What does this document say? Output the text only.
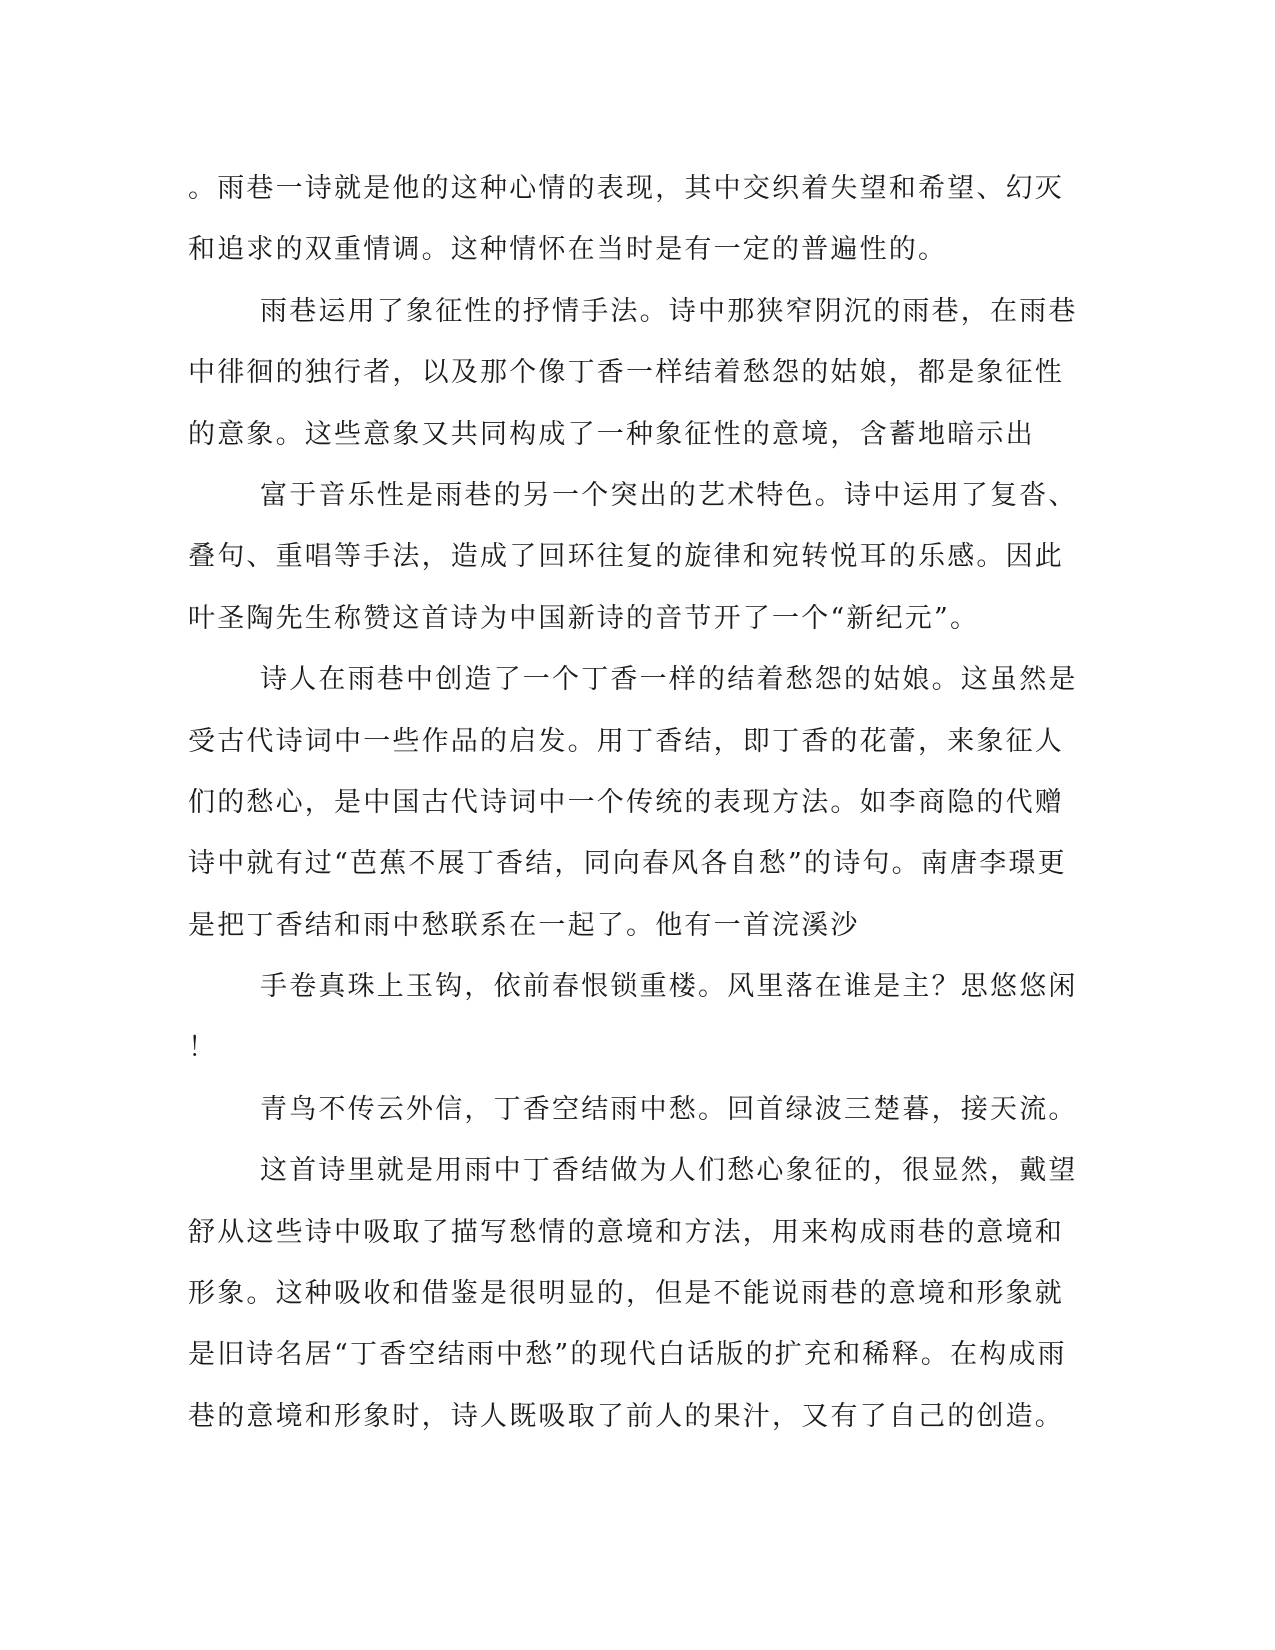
。雨巷一诗就是他的这种心情的表现，其中交织着失望和希望、幻灭
和追求的双重情调。这种情怀在当时是有一定的普遍性的。
雨巷运用了象征性的抒情手法。诗中那狭窄阴沉的雨巷，在雨巷
中徘徊的独行者，以及那个像丁香一样结着愁怨的姑娘，都是象征性
的意象。这些意象又共同构成了一种象征性的意境，含蓄地暗示出
富于音乐性是雨巷的另一个突出的艺术特色。诗中运用了复沓、
叠句、重唱等手法，造成了回环往复的旋律和宛转悦耳的乐感。因此
叶圣陶先生称赞这首诗为中国新诗的音节开了一个“新纪元”。
诗人在雨巷中创造了一个丁香一样的结着愁怨的姑娘。这虽然是
受古代诗词中一些作品的启发。用丁香结，即丁香的花蕾，来象征人
们的愁心，是中国古代诗词中一个传统的表现方法。如李商隐的代赠
诗中就有过“芭蕉不展丁香结，同向春风各自愁”的诗句。南唐李璟更
是把丁香结和雨中愁联系在一起了。他有一首浣溪沙
手卷真珠上玉钩，依前春恨锁重楼。风里落在谁是主？思悠悠闲
！
青鸟不传云外信，丁香空结雨中愁。回首绿波三楚暮，接天流。
这首诗里就是用雨中丁香结做为人们愁心象征的，很显然，戴望
舒从这些诗中吸取了描写愁情的意境和方法，用来构成雨巷的意境和
形象。这种吸收和借鉴是很明显的，但是不能说雨巷的意境和形象就
是旧诗名居“丁香空结雨中愁”的现代白话版的扩充和稀释。在构成雨
巷的意境和形象时，诗人既吸取了前人的果汁，又有了自己的创造。
